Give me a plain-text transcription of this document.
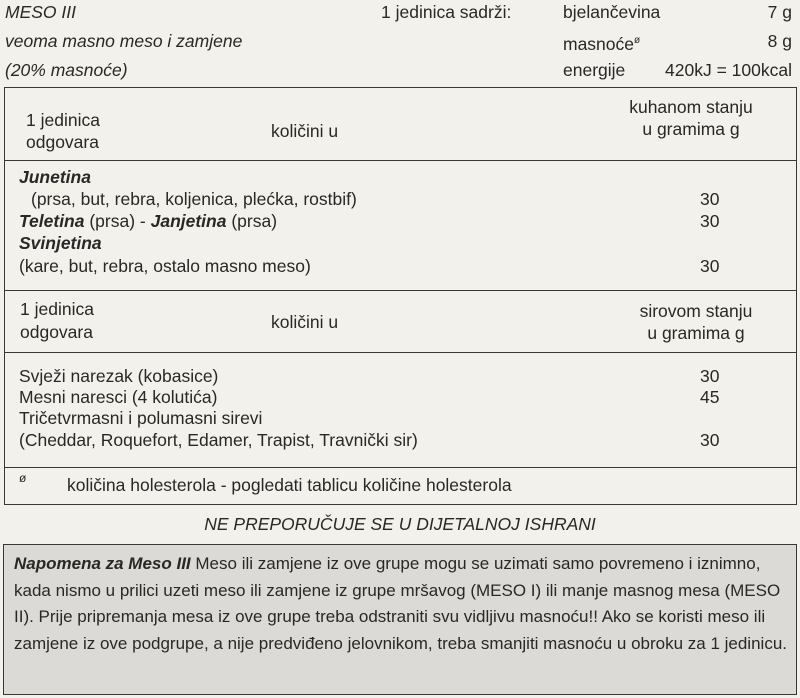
MESO III
veoma masno meso i zamjene
(20% masnoće)
1 jedinica sadrži:	bjelančevina	7 g
masnoće$^ø$	8 g
energije 420kJ = 100kcal
1 jedinica
odgovara
količini u
kuhanom stanju
u gramima g
Junetina
(prsa, but, rebra, koljenica, plećka, rostbif)	30
Teletina (prsa) - Janjetina (prsa)	30
Svinjetina
(kare, but, rebra, ostalo masno meso)	30
1 jedinica
odgovara	količini u
sirovom stanju
u gramima g
Svježi narezak (kobasice)	30
Mesni naresci (4 kolutića)	45
Tričetvrmasni i polumasni sirevi
(Cheddar, Roquefort, Edamer, Trapist, Travnički sir)	30
ø količina holesterola - pogledati tablicu količine holesterola
NE PREPORUČUJE SE U DIJETALNOJ ISHRANI
Napomena za Meso III Meso ili zamjene iz ove grupe mogu se uzimati samo povremeno i iznimno, kada nismo u prilici uzeti meso ili zamjene iz grupe mršavog (MESO I) ili manje masnog mesa (MESO II). Prije pripremanja mesa iz ove grupe treba odstraniti svu vidljivu masnoću!! Ako se koristi meso ili zamjene iz ove podgrupe, a nije predviđeno jelovnikom, treba smanjiti masnoću u obroku za 1 jedinicu.
